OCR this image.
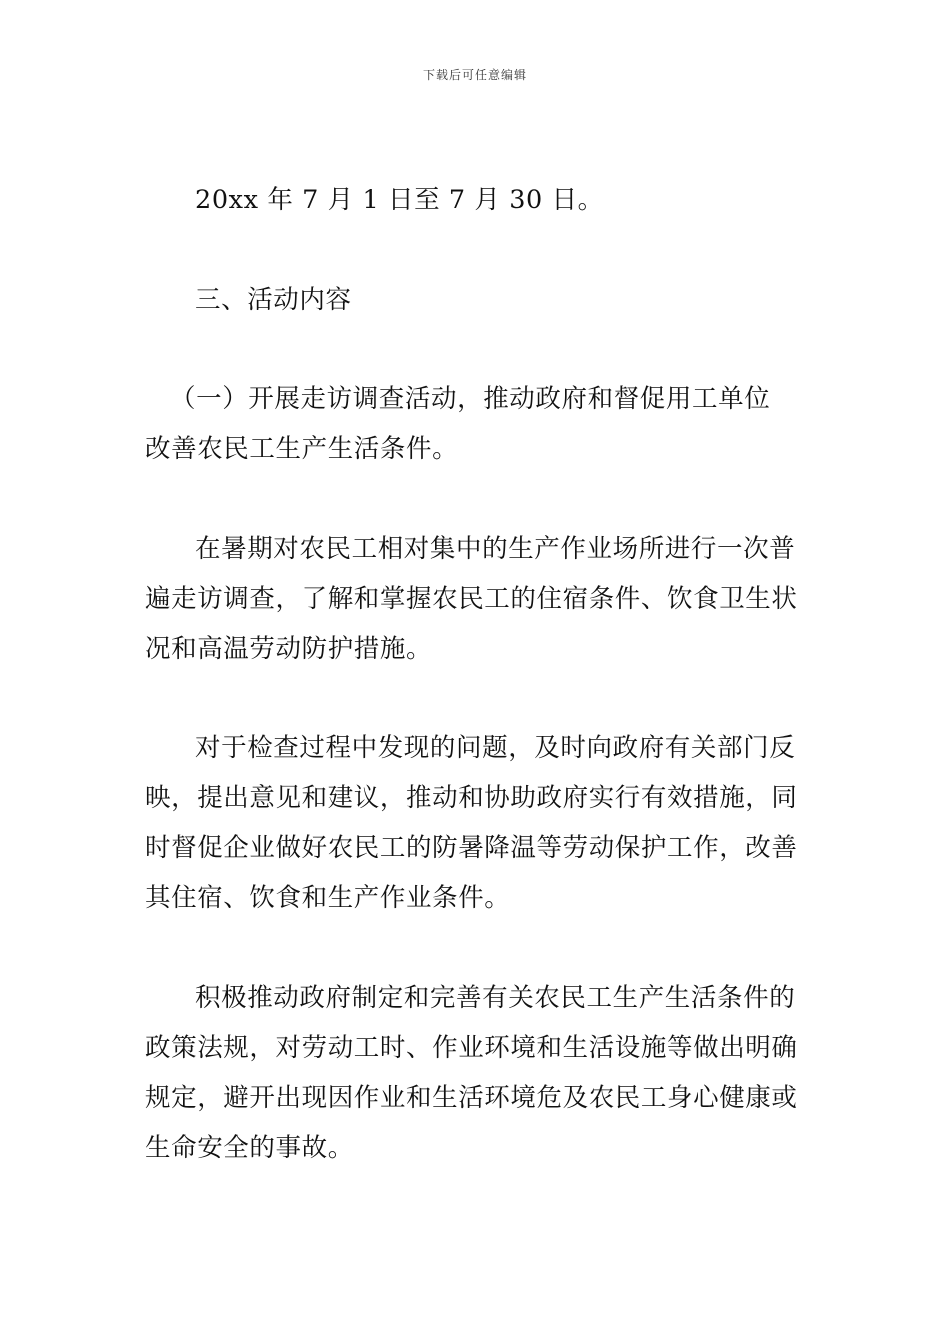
下载后可任意编辑
20xx 年 7 月 1 日至 7 月 30 日。
三、活动内容
（一）开展走访调查活动，推动政府和督促用工单位
改善农民工生产生活条件。
在暑期对农民工相对集中的生产作业场所进行一次普
遍走访调查，了解和掌握农民工的住宿条件、饮食卫生状
况和高温劳动防护措施。
对于检查过程中发现的问题，及时向政府有关部门反
映，提出意见和建议，推动和协助政府实行有效措施，同
时督促企业做好农民工的防暑降温等劳动保护工作，改善
其住宿、饮食和生产作业条件。
积极推动政府制定和完善有关农民工生产生活条件的
政策法规，对劳动工时、作业环境和生活设施等做出明确
规定，避开出现因作业和生活环境危及农民工身心健康或
生命安全的事故。
